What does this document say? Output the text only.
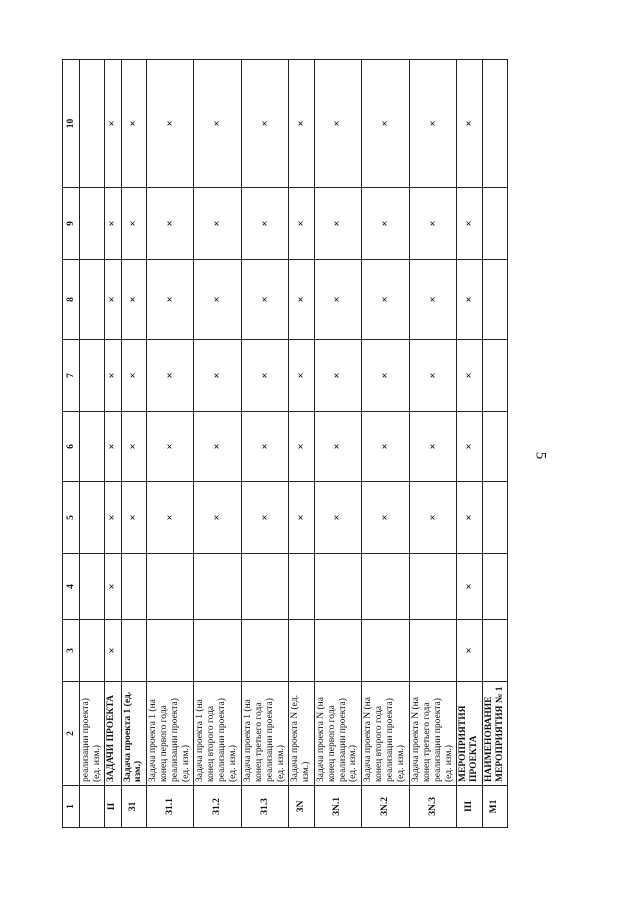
5
1	2	3	4	5	6	7	8	9	10
	реализации проекта) (ед. изм.)								
II	ЗАДАЧИ ПРОЕКТА	×	×	×	×	×	×	×	×
З1	Задача проекта 1 (ед. изм.)			×	×	×	×	×	×
З1.1	Задача проекта 1 (на конец первого года реализации проекта) (ед. изм.)			×	×	×	×	×	×
З1.2	Задача проекта 1 (на конец второго года реализации проекта) (ед. изм.)			×	×	×	×	×	×
З1.3	Задача проекта 1 (на конец третьего года реализации проекта) (ед. изм.)			×	×	×	×	×	×
ЗN	Задача проекта N (ед. изм.)			×	×	×	×	×	×
ЗN.1	Задача проекта N (на конец первого года реализации проекта) (ед. изм.)			×	×	×	×	×	×
ЗN.2	Задача проекта N (на конец второго года реализации проекта) (ед. изм.)			×	×	×	×	×	×
ЗN.3	Задача проекта N (на конец третьего года реализации проекта) (ед. изм.)			×	×	×	×	×	×
III	МЕРОПРИЯТИЯ ПРОЕКТА	×	×	×	×	×	×	×	×
М1	НАИМЕНОВАНИЕ МЕРОПРИЯТИЯ № 1								
